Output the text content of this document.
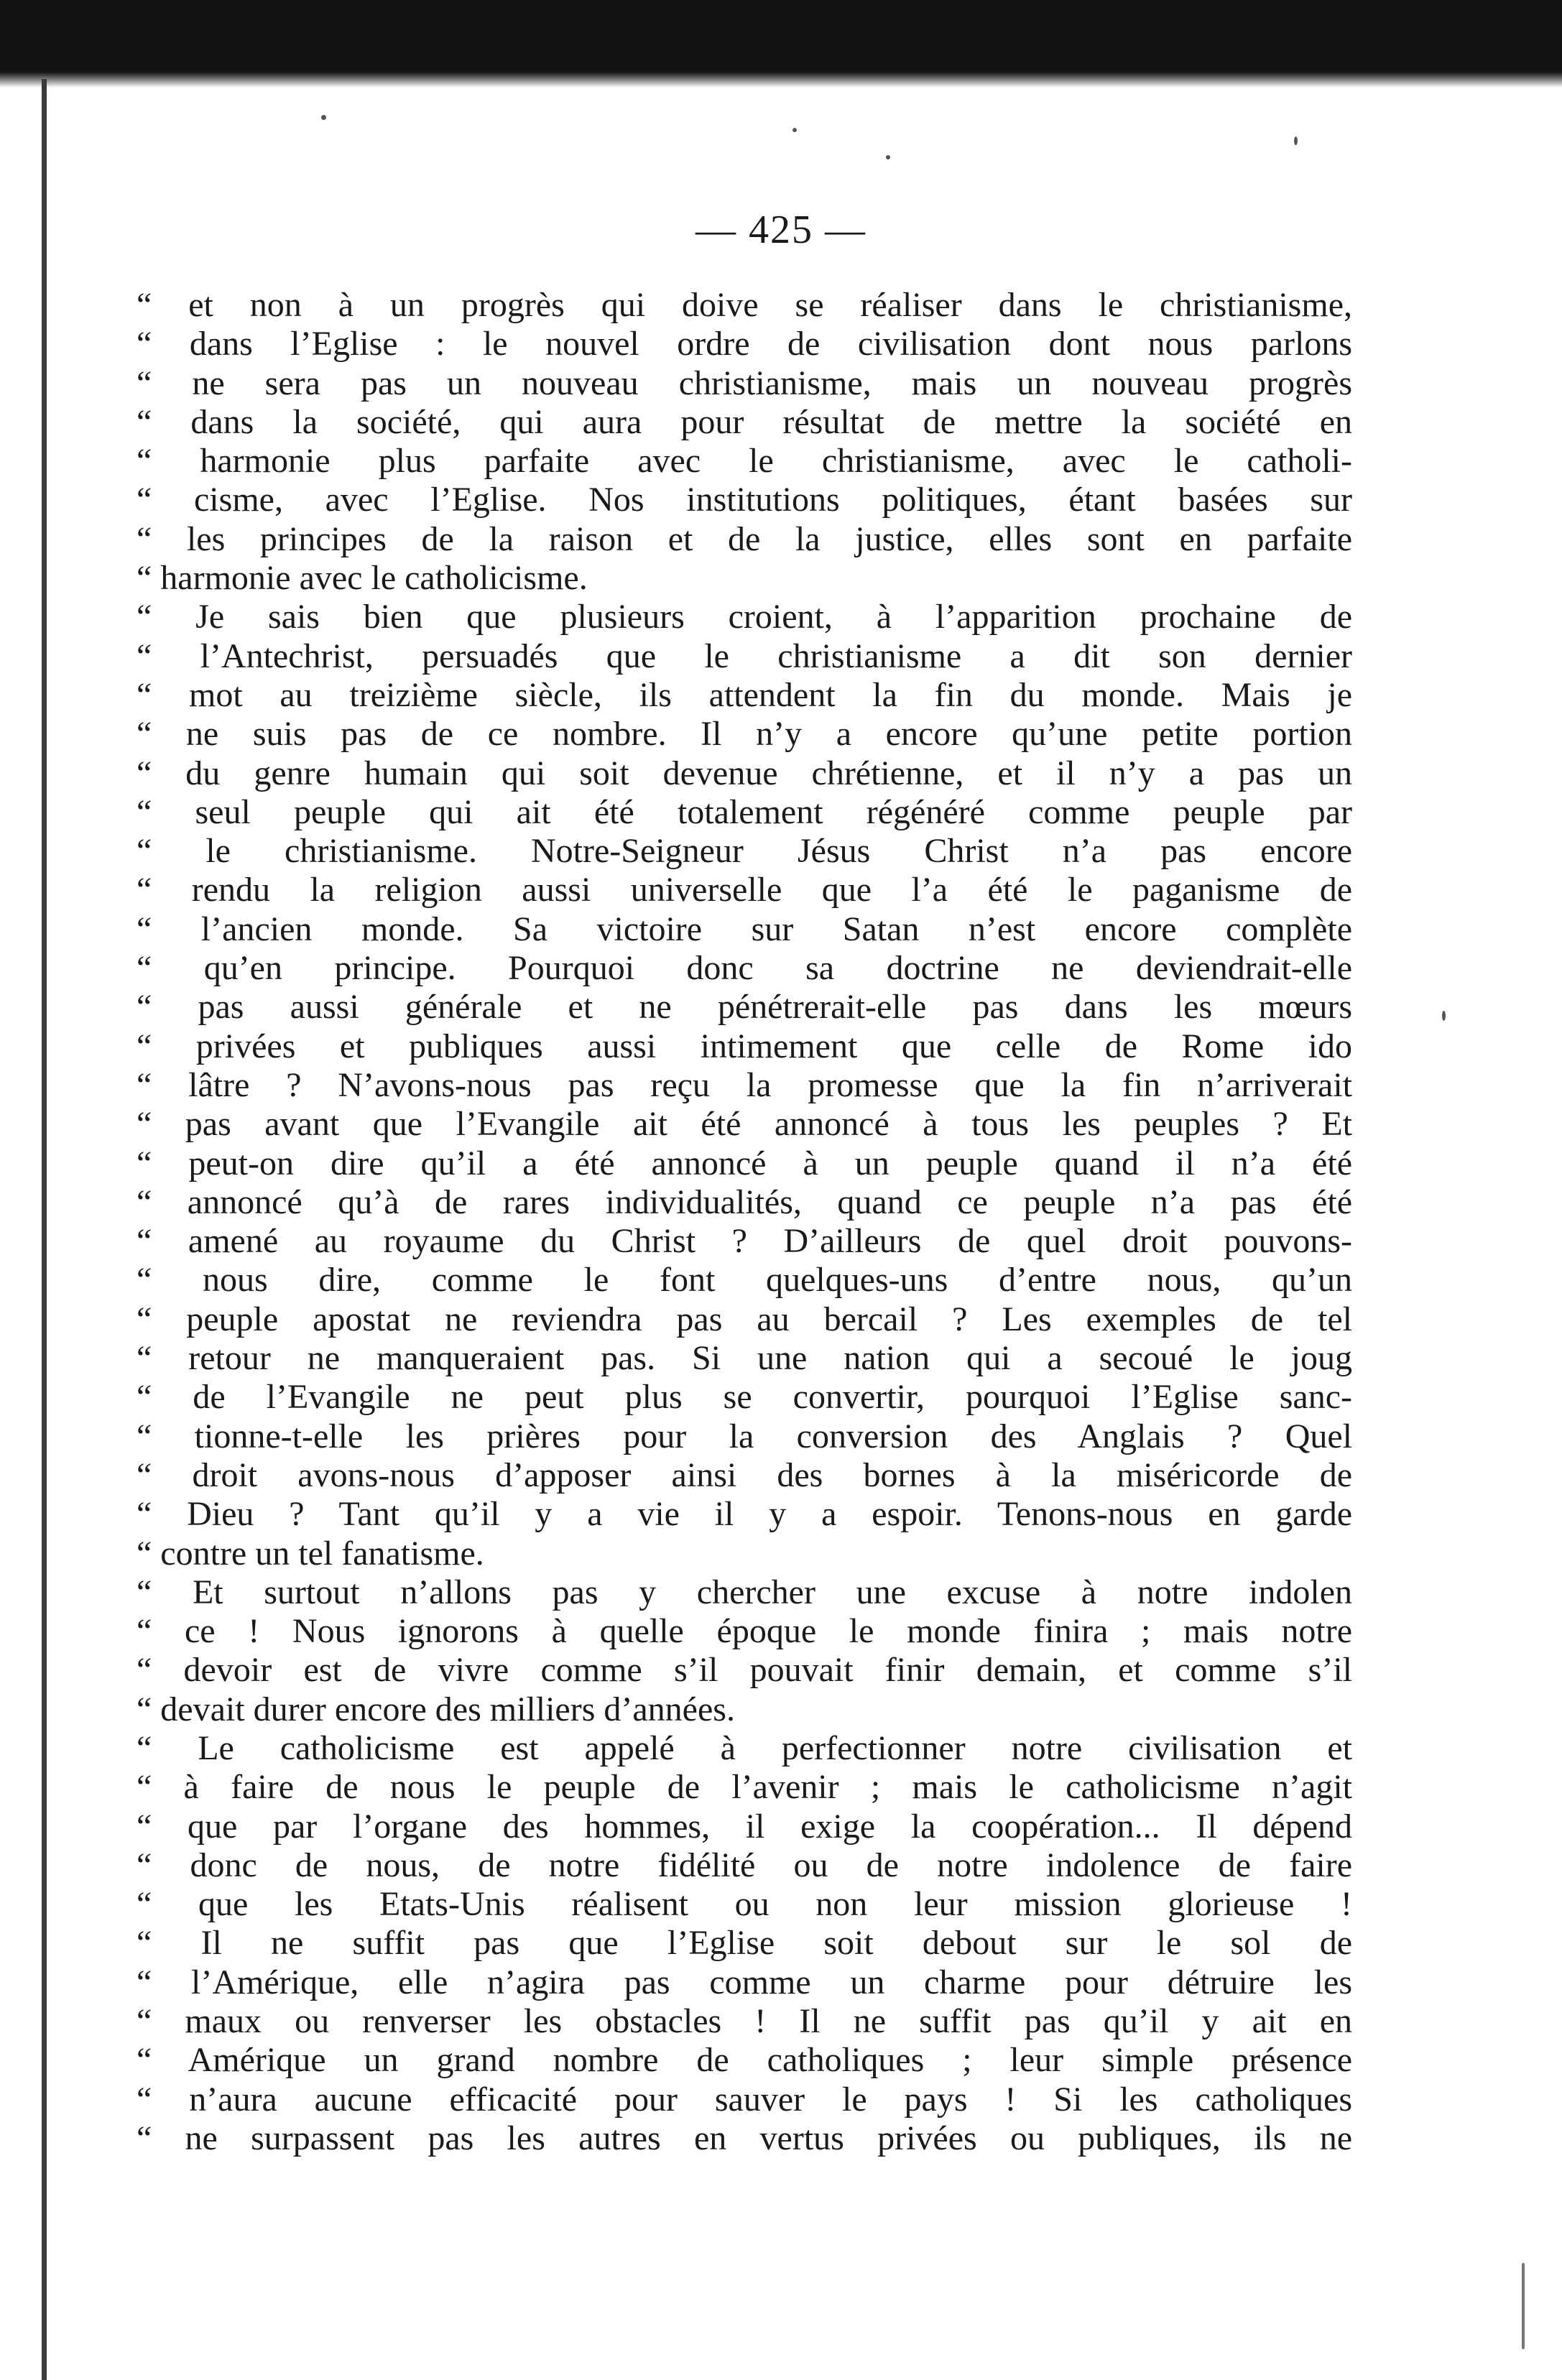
— 425 —
“ et non à un progrès qui doive se réaliser dans le christianisme,
“ dans l’Eglise : le nouvel ordre de civilisation dont nous parlons
“ ne sera pas un nouveau christianisme, mais un nouveau progrès
“ dans la société, qui aura pour résultat de mettre la société en
“ harmonie plus parfaite avec le christianisme, avec le catholi-
“ cisme, avec l’Eglise. Nos institutions politiques, étant basées sur
“ les principes de la raison et de la justice, elles sont en parfaite
“ harmonie avec le catholicisme.
“ Je sais bien que plusieurs croient, à l’apparition prochaine de
“ l’Antechrist, persuadés que le christianisme a dit son dernier
“ mot au treizième siècle, ils attendent la fin du monde. Mais je
“ ne suis pas de ce nombre. Il n’y a encore qu’une petite portion
“ du genre humain qui soit devenue chrétienne, et il n’y a pas un
“ seul peuple qui ait été totalement régénéré comme peuple par
“ le christianisme. Notre-Seigneur Jésus Christ n’a pas encore
“ rendu la religion aussi universelle que l’a été le paganisme de
“ l’ancien monde. Sa victoire sur Satan n’est encore complète
“ qu’en principe. Pourquoi donc sa doctrine ne deviendrait-elle
“ pas aussi générale et ne pénétrerait-elle pas dans les mœurs
“ privées et publiques aussi intimement que celle de Rome ido
“ lâtre ? N’avons-nous pas reçu la promesse que la fin n’arriverait
“ pas avant que l’Evangile ait été annoncé à tous les peuples ? Et
“ peut-on dire qu’il a été annoncé à un peuple quand il n’a été
“ annoncé qu’à de rares individualités, quand ce peuple n’a pas été
“ amené au royaume du Christ ? D’ailleurs de quel droit pouvons-
“ nous dire, comme le font quelques-uns d’entre nous, qu’un
“ peuple apostat ne reviendra pas au bercail ? Les exemples de tel
“ retour ne manqueraient pas. Si une nation qui a secoué le joug
“ de l’Evangile ne peut plus se convertir, pourquoi l’Eglise sanc-
“ tionne-t-elle les prières pour la conversion des Anglais ? Quel
“ droit avons-nous d’apposer ainsi des bornes à la miséricorde de
“ Dieu ? Tant qu’il y a vie il y a espoir. Tenons-nous en garde
“ contre un tel fanatisme.
“ Et surtout n’allons pas y chercher une excuse à notre indolen
“ ce ! Nous ignorons à quelle époque le monde finira ; mais notre
“ devoir est de vivre comme s’il pouvait finir demain, et comme s’il
“ devait durer encore des milliers d’années.
“ Le catholicisme est appelé à perfectionner notre civilisation et
“ à faire de nous le peuple de l’avenir ; mais le catholicisme n’agit
“ que par l’organe des hommes, il exige la coopération... Il dépend
“ donc de nous, de notre fidélité ou de notre indolence de faire
“ que les Etats-Unis réalisent ou non leur mission glorieuse !
“ Il ne suffit pas que l’Eglise soit debout sur le sol de
“ l’Amérique, elle n’agira pas comme un charme pour détruire les
“ maux ou renverser les obstacles ! Il ne suffit pas qu’il y ait en
“ Amérique un grand nombre de catholiques ; leur simple présence
“ n’aura aucune efficacité pour sauver le pays ! Si les catholiques
“ ne surpassent pas les autres en vertus privées ou publiques, ils ne
